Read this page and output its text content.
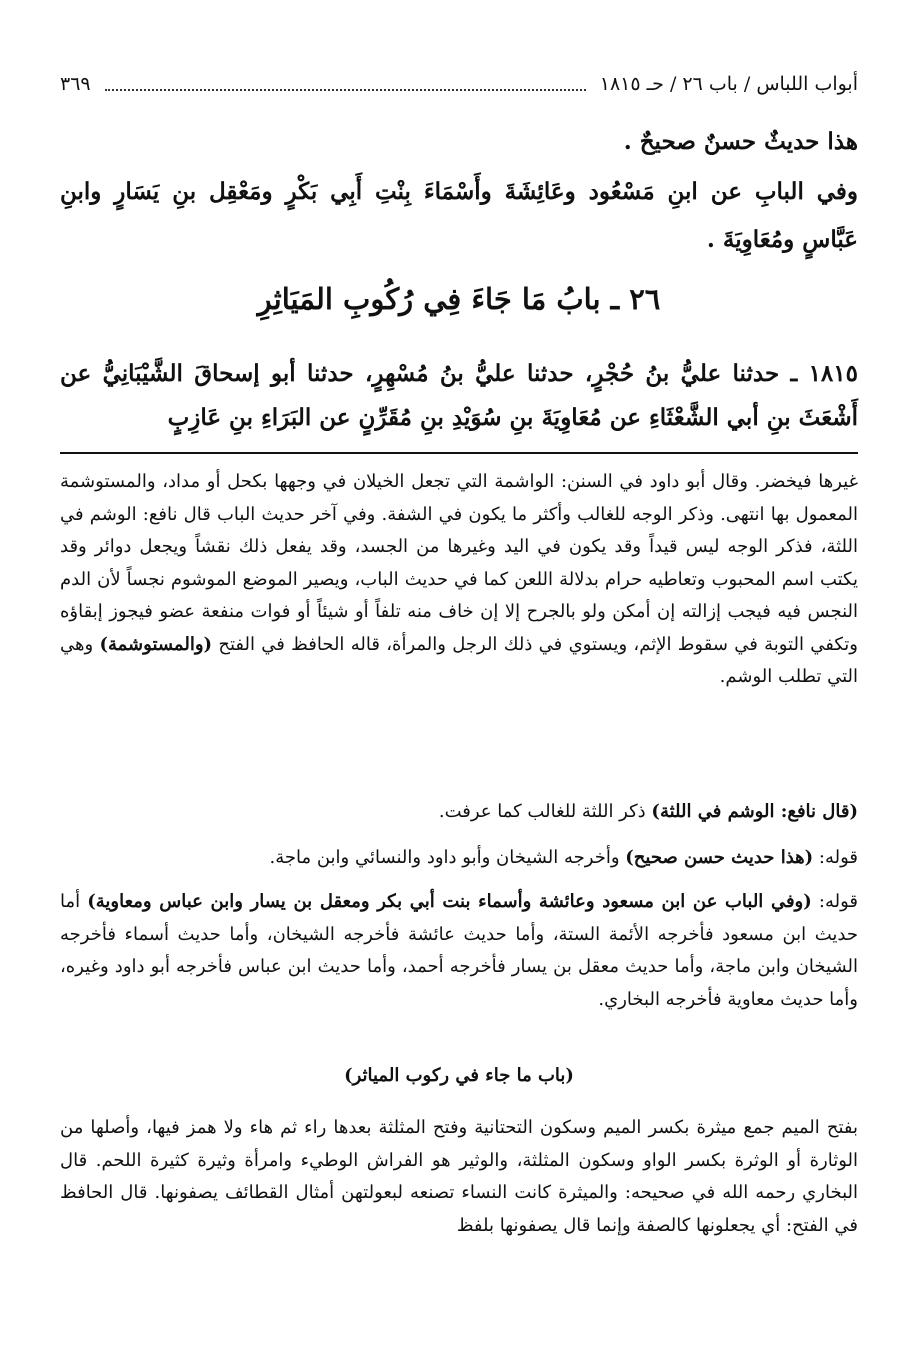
أبواب اللباس / باب ٢٦ / حـ ١٨١٥
٣٦٩
هذا حديثٌ حسنٌ صحيحٌ .
وفي البابِ عن ابنِ مَسْعُود وعَائِشَةَ وأَسْمَاءَ بِنْتِ أَبِي بَكْرٍ ومَعْقِل بنِ يَسَارٍ وابنِ عَبَّاسٍ ومُعَاوِيَةَ .
٢٦ ـ بابُ مَا جَاءَ فِي رُكُوبِ المَيَاثِرِ
١٨١٥ ـ حدثنا عليُّ بنُ حُجْرٍ، حدثنا عليُّ بنُ مُسْهِرٍ، حدثنا أبو إسحاقَ الشَّيْبَانِيُّ عن أَشْعَثَ بنِ أبي الشَّعْثَاءِ عن مُعَاوِيَةَ بنِ سُوَيْدِ بنِ مُقَرِّنٍ عن البَرَاءِ بنِ عَازِبٍ
غيرها فيخضر. وقال أبو داود في السنن: الواشمة التي تجعل الخيلان في وجهها بكحل أو مداد، والمستوشمة المعمول بها انتهى. وذكر الوجه للغالب وأكثر ما يكون في الشفة. وفي آخر حديث الباب قال نافع: الوشم في اللثة، فذكر الوجه ليس قيداً وقد يكون في اليد وغيرها من الجسد، وقد يفعل ذلك نقشاً ويجعل دوائر وقد يكتب اسم المحبوب وتعاطيه حرام بدلالة اللعن كما في حديث الباب، ويصير الموضع الموشوم نجساً لأن الدم النجس فيه فيجب إزالته إن أمكن ولو بالجرح إلا إن خاف منه تلفاً أو شيئاً أو فوات منفعة عضو فيجوز إبقاؤه وتكفي التوبة في سقوط الإثم، ويستوي في ذلك الرجل والمرأة، قاله الحافظ في الفتح (والمستوشمة) وهي التي تطلب الوشم.
(قال نافع: الوشم في اللثة) ذكر اللثة للغالب كما عرفت.
قوله: (هذا حديث حسن صحيح) وأخرجه الشيخان وأبو داود والنسائي وابن ماجة.
قوله: (وفي الباب عن ابن مسعود وعائشة وأسماء بنت أبي بكر ومعقل بن يسار وابن عباس ومعاوية) أما حديث ابن مسعود فأخرجه الأئمة الستة، وأما حديث عائشة فأخرجه الشيخان، وأما حديث أسماء فأخرجه الشيخان وابن ماجة، وأما حديث معقل بن يسار فأخرجه أحمد، وأما حديث ابن عباس فأخرجه أبو داود وغيره، وأما حديث معاوية فأخرجه البخاري.
(باب ما جاء في ركوب المياثر)
بفتح الميم جمع ميثرة بكسر الميم وسكون التحتانية وفتح المثلثة بعدها راء ثم هاء ولا همز فيها، وأصلها من الوثارة أو الوثرة بكسر الواو وسكون المثلثة، والوثير هو الفراش الوطيء وامرأة وثيرة كثيرة اللحم. قال البخاري رحمه الله في صحيحه: والميثرة كانت النساء تصنعه لبعولتهن أمثال القطائف يصفونها. قال الحافظ في الفتح: أي يجعلونها كالصفة وإنما قال يصفونها بلفظ
